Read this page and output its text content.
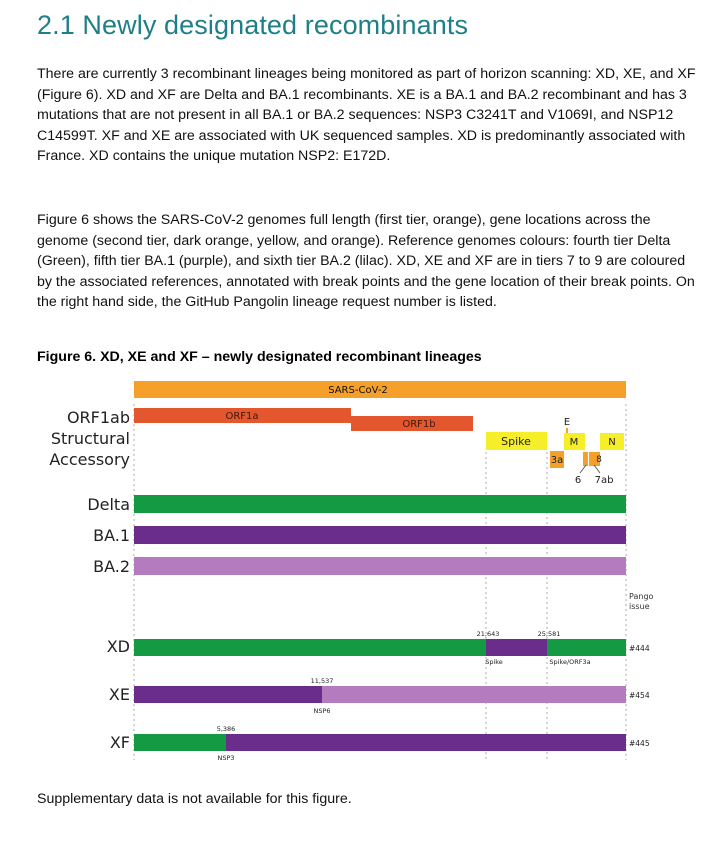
2.1 Newly designated recombinants

There are currently 3 recombinant lineages being monitored as part of horizon scanning: XD, XE, and XF (Figure 6). XD and XF are Delta and BA.1 recombinants. XE is a BA.1 and BA.2 recombinant and has 3 mutations that are not present in all BA.1 or BA.2 sequences: NSP3 C3241T and V1069I, and NSP12 C14599T. XF and XE are associated with UK sequenced samples. XD is predominantly associated with France. XD contains the unique mutation NSP2: E172D.

Figure 6 shows the SARS-CoV-2 genomes full length (first tier, orange), gene locations across the genome (second tier, dark orange, yellow, and orange). Reference genomes colours: fourth tier Delta (Green), fifth tier BA.1 (purple), and sixth tier BA.2 (lilac). XD, XE and XF are in tiers 7 to 9 are coloured by the associated references, annotated with break points and the gene location of their break points. On the right hand side, the GitHub Pangolin lineage request number is listed.

Figure 6. XD, XE and XF – newly designated recombinant lineages

SARS-CoV-2
ORF1ab
Structural
Accessory
ORF1a
ORF1b
Spike
E
M	N
3a	8
6 7ab
Delta
BA.1
BA.2
Pango issue
XD
21,643	25,581
Spike	Spike/ORF3a
#444
XE
11,537
NSP6
#454
XF
5,386
NSP3
#445

Supplementary data is not available for this figure.
